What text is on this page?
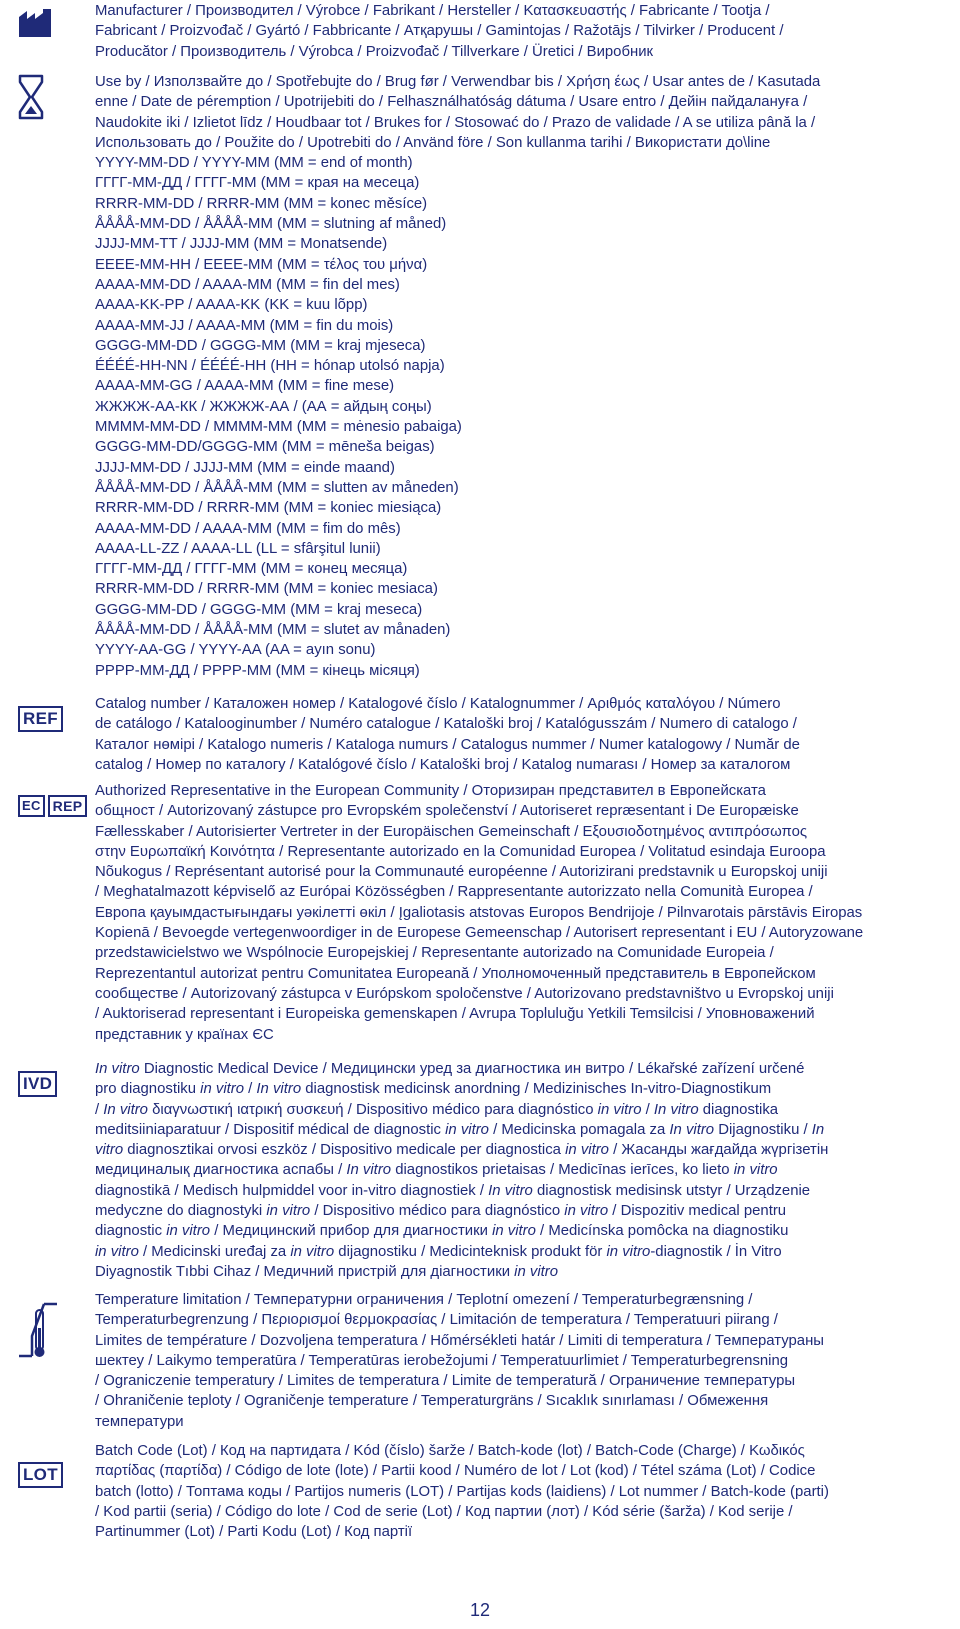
REF
EC REP
IVD
LOT
Manufacturer / Производител / Výrobce / Fabrikant / Hersteller / Κατασκευαστής / Fabricante / Tootja /
Fabricant / Proizvođač / Gyártó / Fabbricante / Атқарушы / Gamintojas / Ražotājs / Tilvirker / Producent /
Producător / Производитель / Výrobca / Proizvođač / Tillverkare / Üretici / Виробник
Use by / Използвайте до / Spotřebujte do / Brug før / Verwendbar bis / Χρήση έως / Usar antes de / Kasutada
enne / Date de péremption / Upotrijebiti do / Felhasználhatóság dátuma / Usare entro / Дейін пайдалануға /
Naudokite iki / Izlietot līdz / Houdbaar tot / Brukes for / Stosować do / Prazo de validade / A se utiliza până la /
Использовать до / Použite do / Upotrebiti do / Använd före / Son kullanma tarihi / Використати до\line
YYYY-MM-DD / YYYY-MM (MM = end of month)
ГГГГ-ММ-ДД / ГГГГ-ММ (ММ = края на месеца)
RRRR-MM-DD / RRRR-MM (MM = konec měsíce)
ÅÅÅÅ-MM-DD / ÅÅÅÅ-MM (MM = slutning af måned)
JJJJ-MM-TT / JJJJ-MM (MM = Monatsende)
ΕΕΕΕ-ΜΜ-ΗΗ / ΕΕΕΕ-ΜΜ (ΜΜ = τέλος του μήνα)
AAAA-MM-DD / AAAA-MM (MM = fin del mes)
AAAA-KK-PP / AAAA-KK (KK = kuu lõpp)
AAAA-MM-JJ / AAAA-MM (MM = fin du mois)
GGGG-MM-DD / GGGG-MM (MM = kraj mjeseca)
ÉÉÉÉ-HH-NN / ÉÉÉÉ-HH (HH = hónap utolsó napja)
AAAA-MM-GG / AAAA-MM (MM = fine mese)
ЖЖЖЖ-АА-КК / ЖЖЖЖ-АА / (АА = айдың соңы)
MMMM-MM-DD / MMMM-MM (MM = mėnesio pabaiga)
GGGG-MM-DD/GGGG-MM (MM = mēneša beigas)
JJJJ-MM-DD / JJJJ-MM (MM = einde maand)
ÅÅÅÅ-MM-DD / ÅÅÅÅ-MM (MM = slutten av måneden)
RRRR-MM-DD / RRRR-MM (MM = koniec miesiąca)
AAAA-MM-DD / AAAA-MM (MM = fim do mês)
AAAA-LL-ZZ / AAAA-LL (LL = sfârşitul lunii)
ГГГГ-ММ-ДД / ГГГГ-ММ (ММ = конец месяца)
RRRR-MM-DD / RRRR-MM (MM = koniec mesiaca)
GGGG-MM-DD / GGGG-MM (MM = kraj meseca)
ÅÅÅÅ-MM-DD / ÅÅÅÅ-MM (MM = slutet av månaden)
YYYY-AA-GG / YYYY-AA (AA = ayın sonu)
РРРР-ММ-ДД / РРРР-ММ (ММ = кінець місяця)
Catalog number / Каталожен номер / Katalogové číslo / Katalognummer / Αριθμός καταλόγου / Número
de catálogo / Katalooginumber / Numéro catalogue / Kataloški broj / Katalógusszám / Numero di catalogo /
Каталог нөмірі / Katalogo numeris / Kataloga numurs / Catalogus nummer / Numer katalogowy / Număr de
catalog / Номер по каталогу / Katalógové číslo / Kataloški broj / Katalog numarası / Номер за каталогом
Authorized Representative in the European Community / Оторизиран представител в Европейската
общност / Autorizovaný zástupce pro Evropském společenství / Autoriseret repræsentant i De Europæiske
Fællesskaber / Autorisierter Vertreter in der Europäischen Gemeinschaft / Εξουσιοδοτημένος αντιπρόσωπος
στην Ευρωπαϊκή Κοινότητα / Representante autorizado en la Comunidad Europea / Volitatud esindaja Euroopa
Nõukogus / Représentant autorisé pour la Communauté européenne / Autorizirani predstavnik u Europskoj uniji
/ Meghatalmazott képviselő az Európai Közösségben / Rappresentante autorizzato nella Comunità Europea /
Европа қауымдастығындағы уәкілетті өкіл / Įgaliotasis atstovas Europos Bendrijoje / Pilnvarotais pārstāvis Eiropas
Kopienā / Bevoegde vertegenwoordiger in de Europese Gemeenschap / Autorisert representant i EU / Autoryzowane
przedstawicielstwo we Wspólnocie Europejskiej / Representante autorizado na Comunidade Europeia /
Reprezentantul autorizat pentru Comunitatea Europeană / Уполномоченный представитель в Европейском
сообществе / Autorizovaný zástupca v Európskom spoločenstve / Autorizovano predstavništvo u Evropskoj uniji
/ Auktoriserad representant i Europeiska gemenskapen / Avrupa Topluluğu Yetkili Temsilcisi / Уповноважений
представник у країнах ЄС
In vitro Diagnostic Medical Device / Медицински уред за диагностика ин витро / Lékařské zařízení určené
pro diagnostiku in vitro / In vitro diagnostisk medicinsk anordning / Medizinisches In-vitro-Diagnostikum
/ In vitro διαγνωστική ιατρική συσκευή / Dispositivo médico para diagnóstico in vitro / In vitro diagnostika
meditsiiniaparatuur / Dispositif médical de diagnostic in vitro / Medicinska pomagala za In vitro Dijagnostiku / In
vitro diagnosztikai orvosi eszköz / Dispositivo medicale per diagnostica in vitro / Жасанды жағдайда жүргізетін
медициналық диагностика аспабы / In vitro diagnostikos prietaisas / Medicīnas ierīces, ko lieto in vitro
diagnostikā / Medisch hulpmiddel voor in-vitro diagnostiek / In vitro diagnostisk medisinsk utstyr / Urządzenie
medyczne do diagnostyki in vitro / Dispositivo médico para diagnóstico in vitro / Dispozitiv medical pentru
diagnostic in vitro / Медицинский прибор для диагностики in vitro / Medicínska pomôcka na diagnostiku
in vitro / Medicinski uređaj za in vitro dijagnostiku / Medicinteknisk produkt för in vitro-diagnostik / İn Vitro
Diyagnostik Tıbbi Cihaz / Медичний пристрій для діагностики in vitro
Temperature limitation / Температурни ограничения / Teplotní omezení / Temperaturbegrænsning /
Temperaturbegrenzung / Περιορισμοί θερμοκρασίας / Limitación de temperatura / Temperatuuri piirang /
Limites de température / Dozvoljena temperatura / Hőmérsékleti határ / Limiti di temperatura / Температураны
шектеу / Laikymo temperatūra / Temperatūras ierobežojumi / Temperatuurlimiet / Temperaturbegrensning
/ Ograniczenie temperatury / Limites de temperatura / Limite de temperatură / Ограничение температуры
/ Ohraničenie teploty / Ograničenje temperature / Temperaturgräns / Sıcaklık sınırlaması / Обмеження
температури
Batch Code (Lot) / Код на партидата / Kód (číslo) šarže / Batch-kode (lot) / Batch-Code (Charge) / Κωδικός
παρτίδας (παρτίδα) / Código de lote (lote) / Partii kood / Numéro de lot / Lot (kod) / Tétel száma (Lot) / Codice
batch (lotto) / Топтама коды / Partijos numeris (LOT) / Partijas kods (laidiens) / Lot nummer / Batch-kode (parti)
/ Kod partii (seria) / Código do lote / Cod de serie (Lot) / Код партии (лот) / Kód série (šarža) / Kod serije /
Partinummer (Lot) / Parti Kodu (Lot) / Код партії
12
